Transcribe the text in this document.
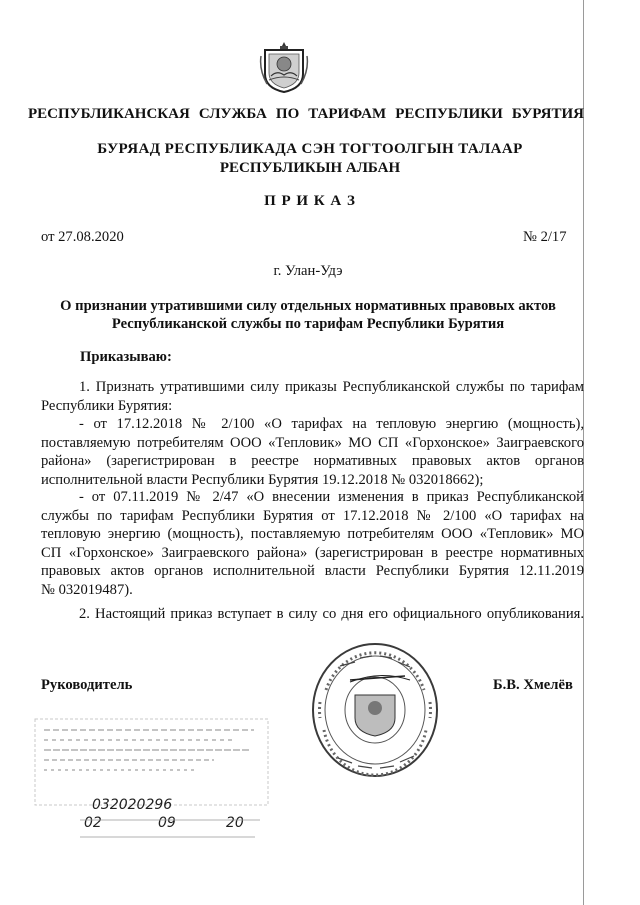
РЕСПУБЛИКАНСКАЯ СЛУЖБА ПО ТАРИФАМ РЕСПУБЛИКИ БУРЯТИЯ
БУРЯАД РЕСПУБЛИКАДА СЭН ТОГТООЛГЫН ТАЛААР
РЕСПУБЛИКЫН АЛБАН
П Р И К А З
от 27.08.2020	№ 2/17
г. Улан-Удэ
О признании утратившими силу отдельных нормативных правовых актов
Республиканской службы по тарифам Республики Бурятия
Приказываю:
1. Признать утратившими силу приказы Республиканской службы по тарифам
Республики Бурятия:
- от 17.12.2018 № 2/100 «О тарифах на тепловую энергию (мощность),
поставляемую потребителям ООО «Тепловик» МО СП «Горхонское» Заиграевского
района» (зарегистрирован в реестре нормативных правовых актов органов
исполнительной власти Республики Бурятия 19.12.2018 № 032018662);
- от 07.11.2019 № 2/47 «О внесении изменения в приказ Республиканской
службы по тарифам Республики Бурятия от 17.12.2018 № 2/100 «О тарифах на
тепловую энергию (мощность), поставляемую потребителям ООО «Тепловик» МО
СП «Горхонское» Заиграевского района» (зарегистрирован в реестре нормативных
правовых актов органов исполнительной власти Республики Бурятия 12.11.2019
№ 032019487).
2. Настоящий приказ вступает в силу со дня его официального опубликования.
Руководитель	Б.В. Хмелёв
032020296
02	09	20
